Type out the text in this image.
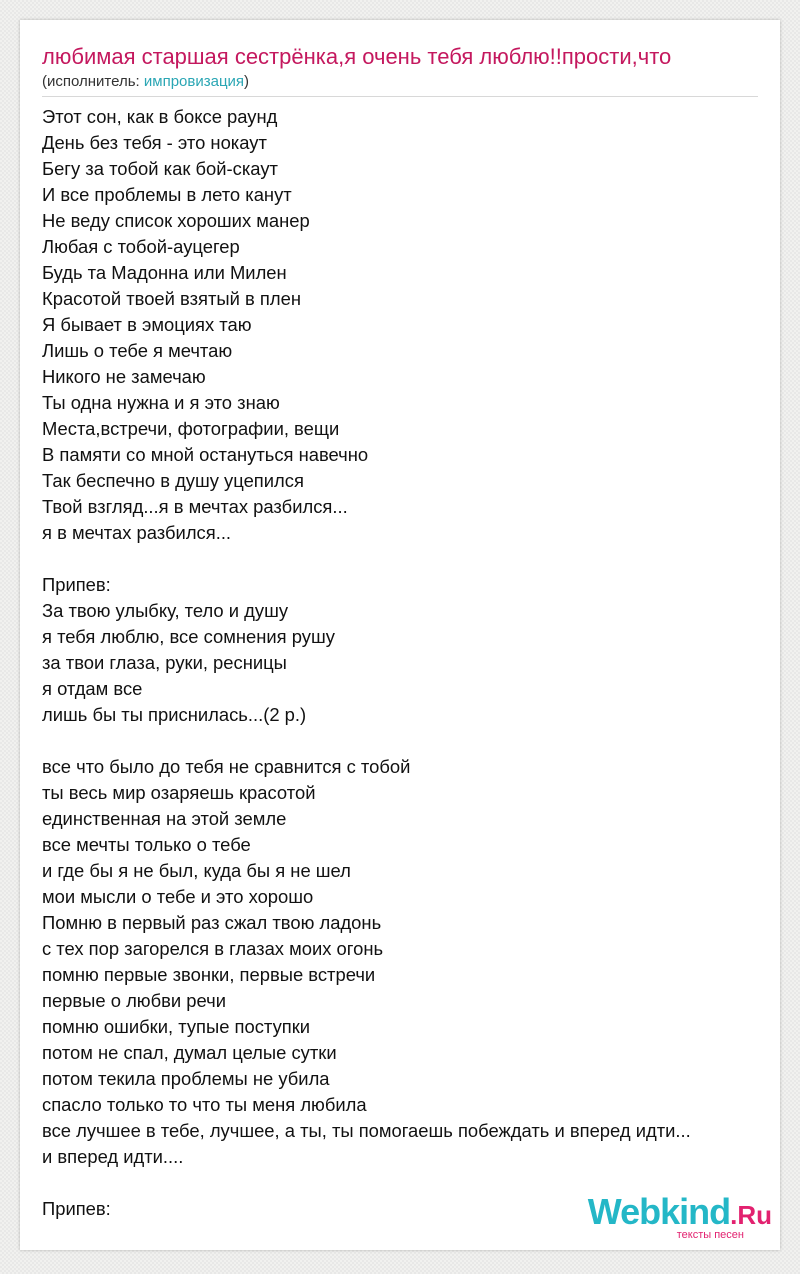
любимая старшая сестрёнка,я очень тебя люблю!!прости,что
(исполнитель: импровизация)
Этот сон, как в боксе раунд
День без тебя - это нокаут
Бегу за тобой как бой-скаут
И все проблемы в лето канут
Не веду список хороших манер
Любая с тобой-ауцегер
Будь та Мадонна или Милен
Красотой твоей взятый в плен
Я бывает в эмоциях таю
Лишь о тебе я мечтаю
Никого не замечаю
Ты одна нужна и я это знаю
Места,встречи, фотографии, вещи
В памяти со мной остануться навечно
Так беспечно в душу уцепился
Твой взгляд...я в мечтах разбился...
я в мечтах разбился...
Припев:
За твою улыбку, тело и душу
я тебя люблю, все сомнения рушу
за твои глаза, руки, ресницы
я отдам все
лишь бы ты приснилась...(2 р.)
все что было до тебя не сравнится с тобой
ты весь мир озаряешь красотой
единственная на этой земле
все мечты только о тебе
и где бы я не был, куда бы я не шел
мои мысли о тебе и это хорошо
Помню в первый раз сжал твою ладонь
с тех пор загорелся в глазах моих огонь
помню первые звонки, первые встречи
первые о любви речи
помню ошибки, тупые поступки
потом не спал, думал целые сутки
потом текила проблемы не убила
спасло только то что ты меня любила
все лучшее в тебе, лучшее, а ты, ты помогаешь побеждать и вперед идти...
и вперед идти....
Припев:	Webkind.Ru
тексты песен
